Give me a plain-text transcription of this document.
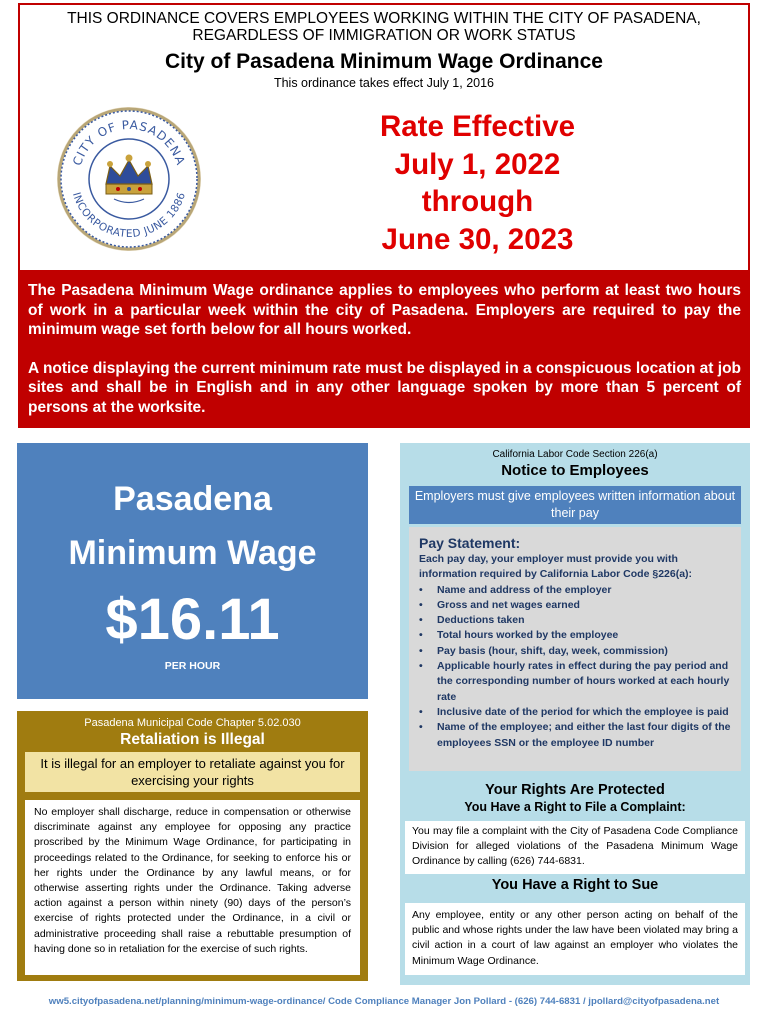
THIS ORDINANCE COVERS EMPLOYEES WORKING WITHIN THE CITY OF PASADENA,
REGARDLESS OF IMMIGRATION OR WORK STATUS
City of Pasadena Minimum Wage Ordinance
This ordinance takes effect July 1, 2016
CITY OF PASADENA
INCORPORATED JUNE 1886
Rate Effective
July 1, 2022
through
June 30, 2023

The Pasadena Minimum Wage ordinance applies to employees who perform at least two hours of work in a particular week within the city of Pasadena. Employers are required to pay the minimum wage set forth below for all hours worked.

A notice displaying the current minimum rate must be displayed in a conspicuous location at job sites and shall be in English and in any other language spoken by more than 5 percent of persons at the worksite.

Pasadena
Minimum Wage
$16.11
PER HOUR
Pasadena Municipal Code Chapter 5.02.030
Retaliation is Illegal
It is illegal for an employer to retaliate against you for exercising your rights
No employer shall discharge, reduce in compensation or otherwise discriminate against any employee for opposing any practice proscribed by the Minimum Wage Ordinance, for participating in proceedings related to the Ordinance, for seeking to enforce his or her rights under the Ordinance by any lawful means, or for otherwise asserting rights under the Ordinance. Taking adverse action against a person within ninety (90) days of the person’s exercise of rights protected under the Ordinance, in a civil or administrative proceeding shall raise a rebuttable presumption of having done so in retaliation for the exercise of such rights.
California Labor Code Section 226(a)
Notice to Employees
Employers must give employees written information about their pay
Pay Statement:
Each pay day, your employer must provide you with information required by California Labor Code §226(a):
• Name and address of the employer
• Gross and net wages earned
• Deductions taken
• Total hours worked by the employee
• Pay basis (hour, shift, day, week, commission)
• Applicable hourly rates in effect during the pay period and the corresponding number of hours worked at each hourly rate
• Inclusive date of the period for which the employee is paid
• Name of the employee; and either the last four digits of the employees SSN or the employee ID number
Your Rights Are Protected
You Have a Right to File a Complaint:
You may file a complaint with the City of Pasadena Code Compliance Division for alleged violations of the Pasadena Minimum Wage Ordinance by calling (626) 744-6831.
You Have a Right to Sue
Any employee, entity or any other person acting on behalf of the public and whose rights under the law have been violated may bring a civil action in a court of law against an employer who violates the Minimum Wage Ordinance.
ww5.cityofpasadena.net/planning/minimum-wage-ordinance/ Code Compliance Manager Jon Pollard - (626) 744-6831 / jpollard@cityofpasadena.net
